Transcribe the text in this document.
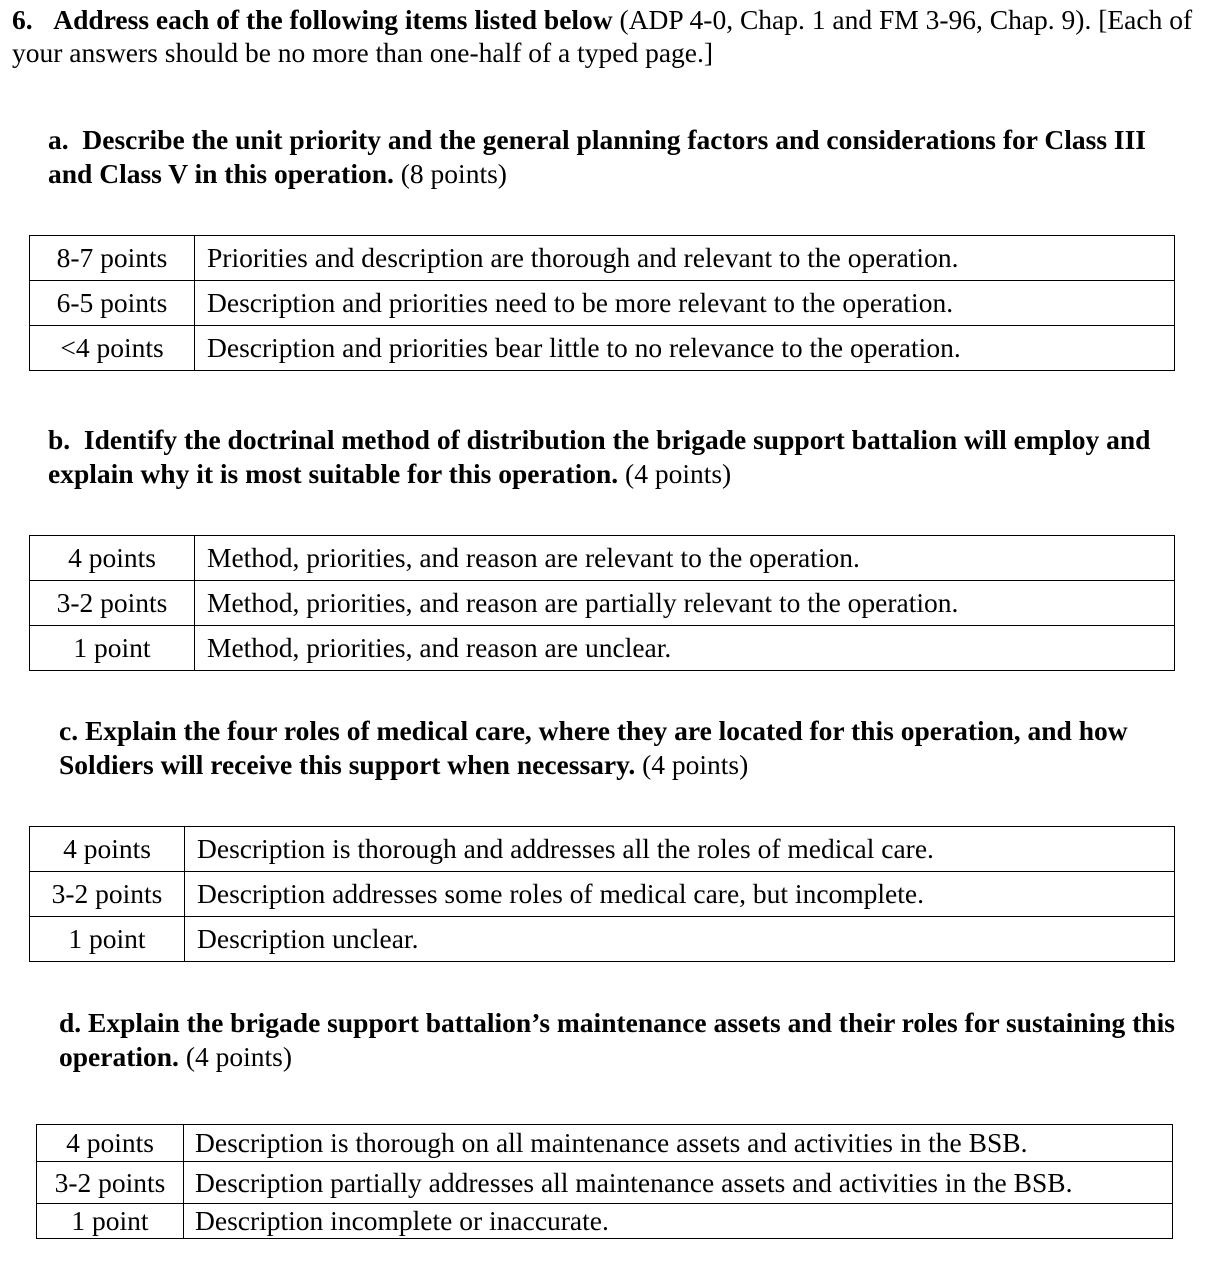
6. Address each of the following items listed below (ADP 4-0, Chap. 1 and FM 3-96, Chap. 9). [Each of your answers should be no more than one-half of a typed page.]
a. Describe the unit priority and the general planning factors and considerations for Class III and Class V in this operation. (8 points)
8-7 points	Priorities and description are thorough and relevant to the operation.
6-5 points	Description and priorities need to be more relevant to the operation.
<4 points	Description and priorities bear little to no relevance to the operation.
b. Identify the doctrinal method of distribution the brigade support battalion will employ and explain why it is most suitable for this operation. (4 points)
4 points	Method, priorities, and reason are relevant to the operation.
3-2 points	Method, priorities, and reason are partially relevant to the operation.
1 point	Method, priorities, and reason are unclear.
c. Explain the four roles of medical care, where they are located for this operation, and how Soldiers will receive this support when necessary. (4 points)
4 points	Description is thorough and addresses all the roles of medical care.
3-2 points	Description addresses some roles of medical care, but incomplete.
1 point	Description unclear.
d. Explain the brigade support battalion’s maintenance assets and their roles for sustaining this operation. (4 points)
4 points	Description is thorough on all maintenance assets and activities in the BSB.
3-2 points	Description partially addresses all maintenance assets and activities in the BSB.
1 point	Description incomplete or inaccurate.
